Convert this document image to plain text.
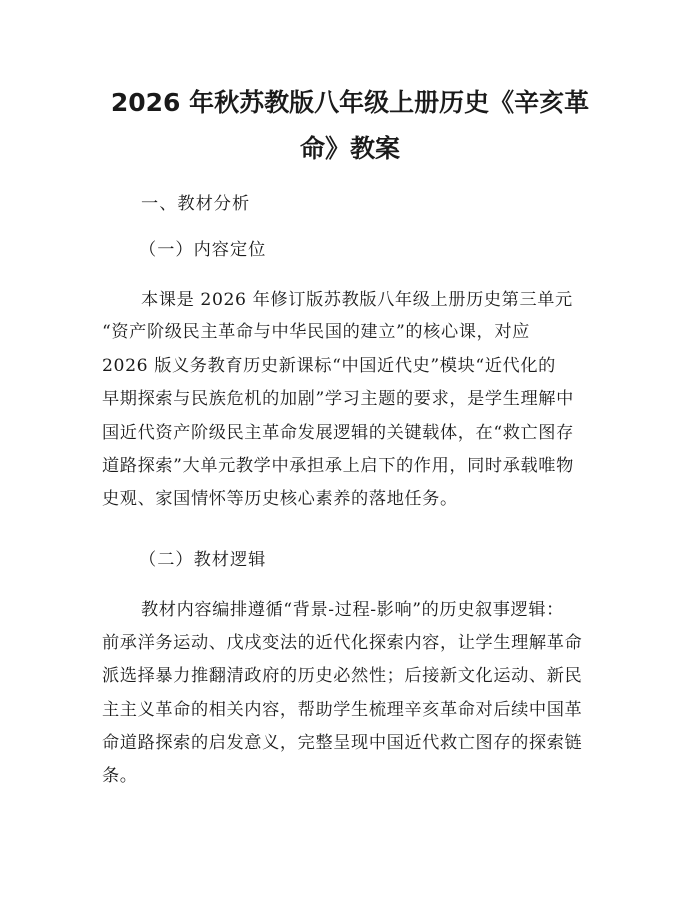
2026 年秋苏教版八年级上册历史《辛亥革
命》教案
一、教材分析
（一）内容定位
本课是 2026 年修订版苏教版八年级上册历史第三单元
“资产阶级民主革命与中华民国的建立”的核心课，对应
2026 版义务教育历史新课标“中国近代史”模块“近代化的
早期探索与民族危机的加剧”学习主题的要求，是学生理解中
国近代资产阶级民主革命发展逻辑的关键载体，在“救亡图存
道路探索”大单元教学中承担承上启下的作用，同时承载唯物
史观、家国情怀等历史核心素养的落地任务。
（二）教材逻辑
教材内容编排遵循“背景-过程-影响”的历史叙事逻辑：
前承洋务运动、戊戌变法的近代化探索内容，让学生理解革命
派选择暴力推翻清政府的历史必然性；后接新文化运动、新民
主主义革命的相关内容，帮助学生梳理辛亥革命对后续中国革
命道路探索的启发意义，完整呈现中国近代救亡图存的探索链
条。
